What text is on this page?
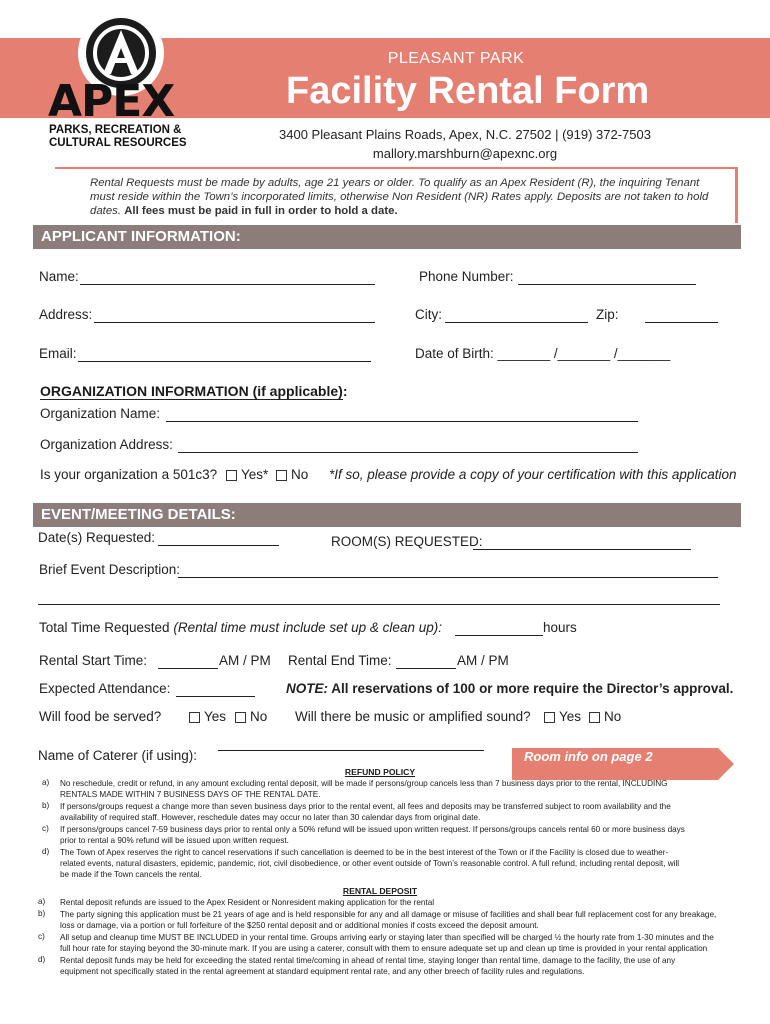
APEX
PARKS, RECREATION &
CULTURAL RESOURCES
PLEASANT PARK
Facility Rental Form
3400 Pleasant Plains Roads, Apex, N.C. 27502 | (919) 372-7503
mallory.marshburn@apexnc.org
Rental Requests must be made by adults, age 21 years or older. To qualify as an Apex Resident (R), the inquiring Tenant must reside within the Town’s incorporated limits, otherwise Non Resident (NR) Rates apply. Deposits are not taken to hold dates. All fees must be paid in full in order to hold a date.
APPLICANT INFORMATION:
Name:	Phone Number:
Address:	City:	Zip:
Email:	Date of Birth: _______ /_______ /_______
ORGANIZATION INFORMATION (if applicable):
Organization Name:
Organization Address:
Is your organization a 501c3?	Yes*	No *If so, please provide a copy of your certification with this application
EVENT/MEETING DETAILS:
Date(s) Requested:	ROOM(S) REQUESTED:
Brief Event Description:
Total Time Requested (Rental time must include set up & clean up):	hours
Rental Start Time:	AM / PM Rental End Time:	AM / PM
Expected Attendance:	NOTE: All reservations of 100 or more require the Director’s approval.
Will food be served?	Yes	No Will there be music or amplified sound?	Yes	No
Name of Caterer (if using):	Room info on page 2
REFUND POLICY
a) No reschedule, credit or refund, in any amount excluding rental deposit, will be made if persons/group cancels less than 7 business days prior to the rental, INCLUDING
RENTALS MADE WITHIN 7 BUSINESS DAYS OF THE RENTAL DATE.
b) If persons/groups request a change more than seven business days prior to the rental event, all fees and deposits may be transferred subject to room availability and the
availability of required staff. However, reschedule dates may occur no later than 30 calendar days from original date.
c) If persons/groups cancel 7-59 business days prior to rental only a 50% refund will be issued upon written request. If persons/groups cancels rental 60 or more business days
prior to rental a 90% refund will be issued upon written request.
d) The Town of Apex reserves the right to cancel reservations if such cancellation is deemed to be in the best interest of the Town or if the Facility is closed due to weather-
related events, natural disasters, epidemic, pandemic, riot, civil disobedience, or other event outside of Town’s reasonable control. A full refund, including rental deposit, will
be made if the Town cancels the rental.
RENTAL DEPOSIT
a) Rental deposit refunds are issued to the Apex Resident or Nonresident making application for the rental
b) The party signing this application must be 21 years of age and is held responsible for any and all damage or misuse of facilities and shall bear full replacement cost for any breakage,
loss or damage, via a portion or full forfeiture of the $250 rental deposit and or additional monies if costs exceed the deposit amount.
c) All setup and cleanup time MUST BE INCLUDED in your rental time. Groups arriving early or staying later than specified will be charged ½ the hourly rate from 1-30 minutes and the
full hour rate for staying beyond the 30-minute mark. If you are using a caterer, consult with them to ensure adequate set up and clean up time is provided in your rental application
d) Rental deposit funds may be held for exceeding the stated rental time/coming in ahead of rental time, staying longer than rental time, damage to the facility, the use of any
equipment not specifically stated in the rental agreement at standard equipment rental rate, and any other breech of facility rules and regulations.
